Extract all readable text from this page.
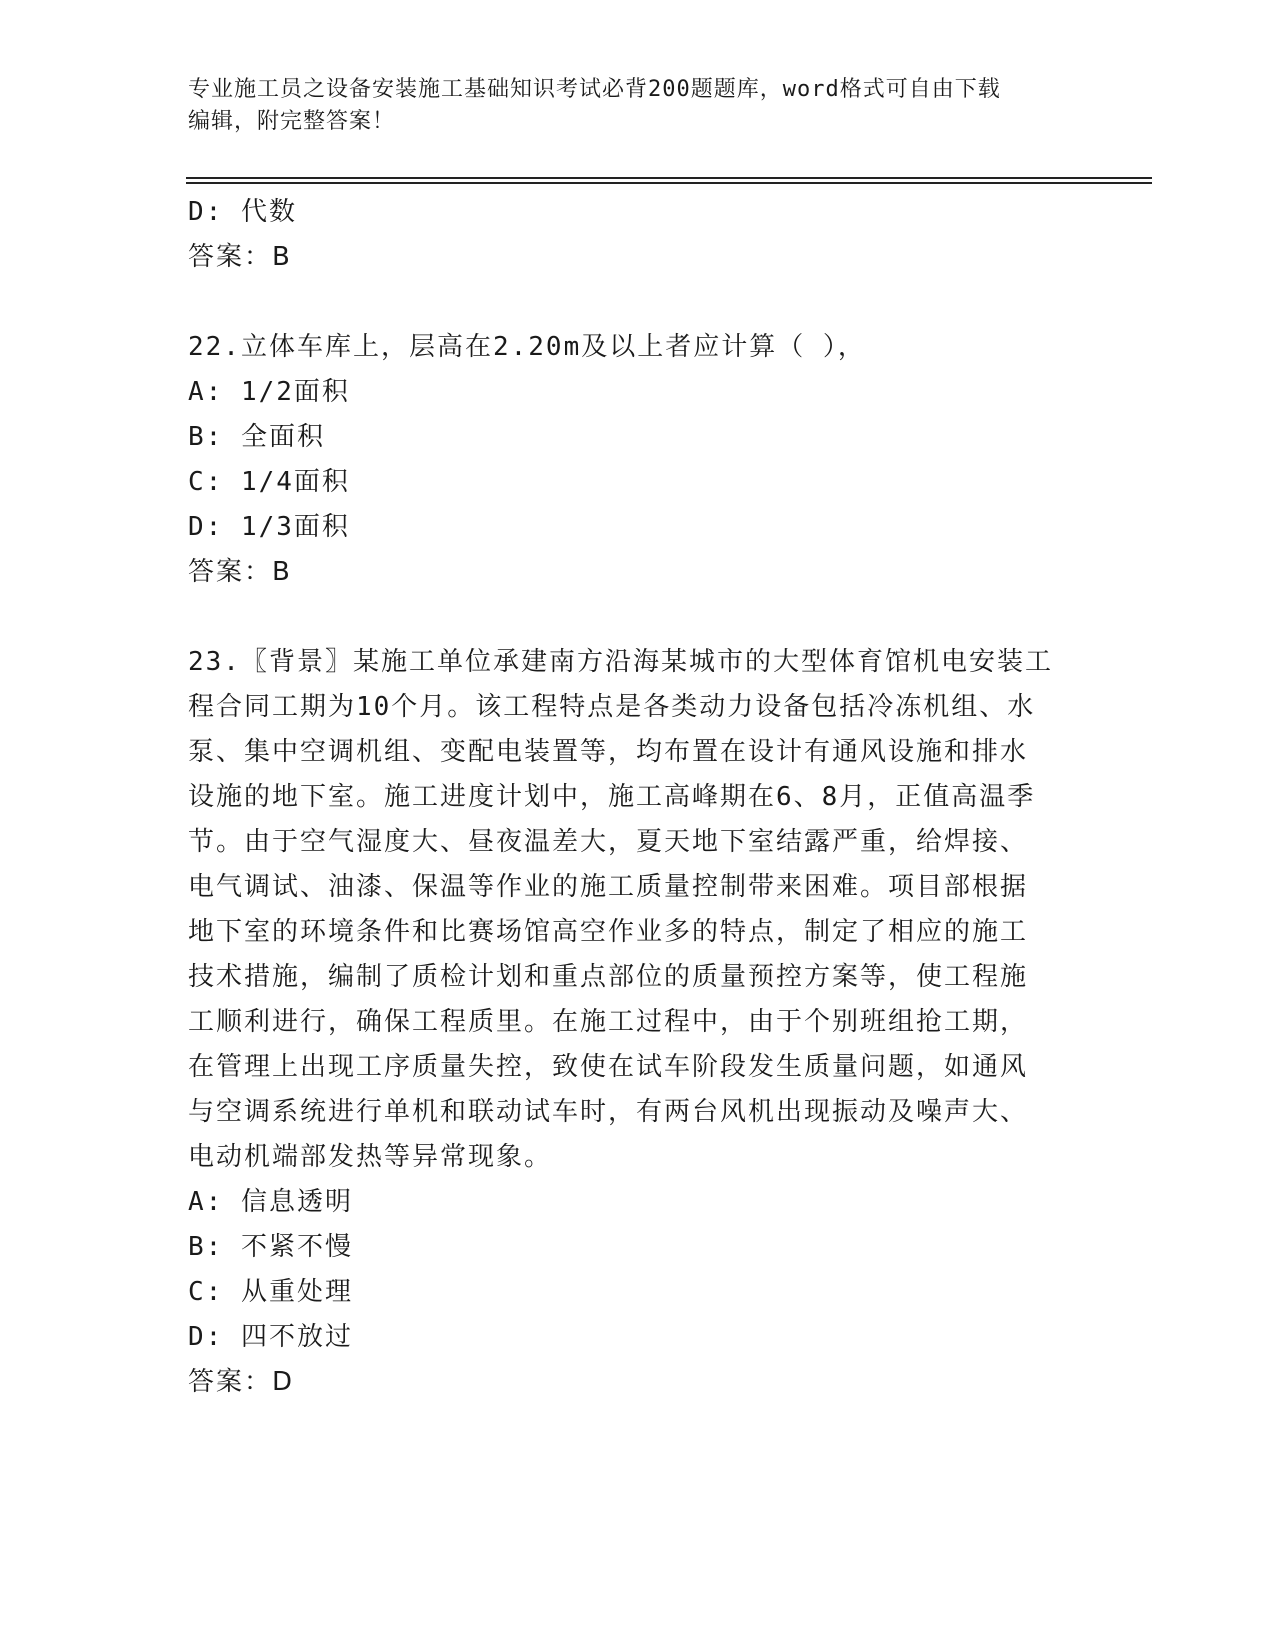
专业施工员之设备安装施工基础知识考试必背200题题库，word格式可自由下载
编辑，附完整答案！
D: 代数
答案：B
22.立体车库上，层高在2.20m及以上者应计算（ ），
A: 1/2面积
B: 全面积
C: 1/4面积
D: 1/3面积
答案：B
23.〖背景〗某施工单位承建南方沿海某城市的大型体育馆机电安装工
程合同工期为10个月。该工程特点是各类动力设备包括冷冻机组、水
泵、集中空调机组、变配电装置等，均布置在设计有通风设施和排水
设施的地下室。施工进度计划中，施工高峰期在6、8月，正值高温季
节。由于空气湿度大、昼夜温差大，夏天地下室结露严重，给焊接、
电气调试、油漆、保温等作业的施工质量控制带来困难。项目部根据
地下室的环境条件和比赛场馆高空作业多的特点，制定了相应的施工
技术措施，编制了质检计划和重点部位的质量预控方案等，使工程施
工顺利进行，确保工程质里。在施工过程中，由于个别班组抢工期，
在管理上出现工序质量失控，致使在试车阶段发生质量问题，如通风
与空调系统进行单机和联动试车时，有两台风机出现振动及噪声大、
电动机端部发热等异常现象。
A: 信息透明
B: 不紧不慢
C: 从重处理
D: 四不放过
答案：D
